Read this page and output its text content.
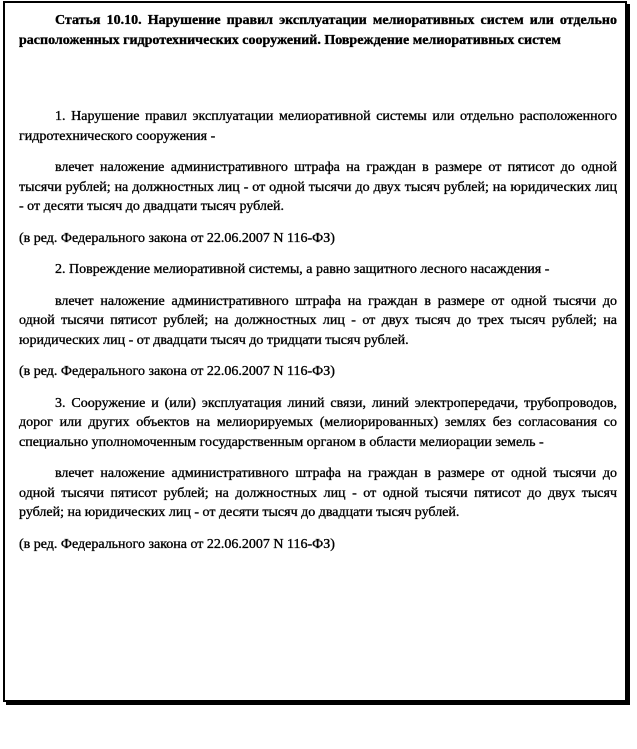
Статья 10.10. Нарушение правил эксплуатации мелиоративных систем или отдельно расположенных гидротехнических сооружений. Повреждение мелиоративных систем

1. Нарушение правил эксплуатации мелиоративной системы или отдельно расположенного гидротехнического сооружения -

влечет наложение административного штрафа на граждан в размере от пятисот до одной тысячи рублей; на должностных лиц - от одной тысячи до двух тысяч рублей; на юридических лиц - от десяти тысяч до двадцати тысяч рублей.

(в ред. Федерального закона от 22.06.2007 N 116-ФЗ)

2. Повреждение мелиоративной системы, а равно защитного лесного насаждения -

влечет наложение административного штрафа на граждан в размере от одной тысячи до одной тысячи пятисот рублей; на должностных лиц - от двух тысяч до трех тысяч рублей; на юридических лиц - от двадцати тысяч до тридцати тысяч рублей.

(в ред. Федерального закона от 22.06.2007 N 116-ФЗ)

3. Сооружение и (или) эксплуатация линий связи, линий электропередачи, трубопроводов, дорог или других объектов на мелиорируемых (мелиорированных) землях без согласования со специально уполномоченным государственным органом в области мелиорации земель -

влечет наложение административного штрафа на граждан в размере от одной тысячи до одной тысячи пятисот рублей; на должностных лиц - от одной тысячи пятисот до двух тысяч рублей; на юридических лиц - от десяти тысяч до двадцати тысяч рублей.

(в ред. Федерального закона от 22.06.2007 N 116-ФЗ)
